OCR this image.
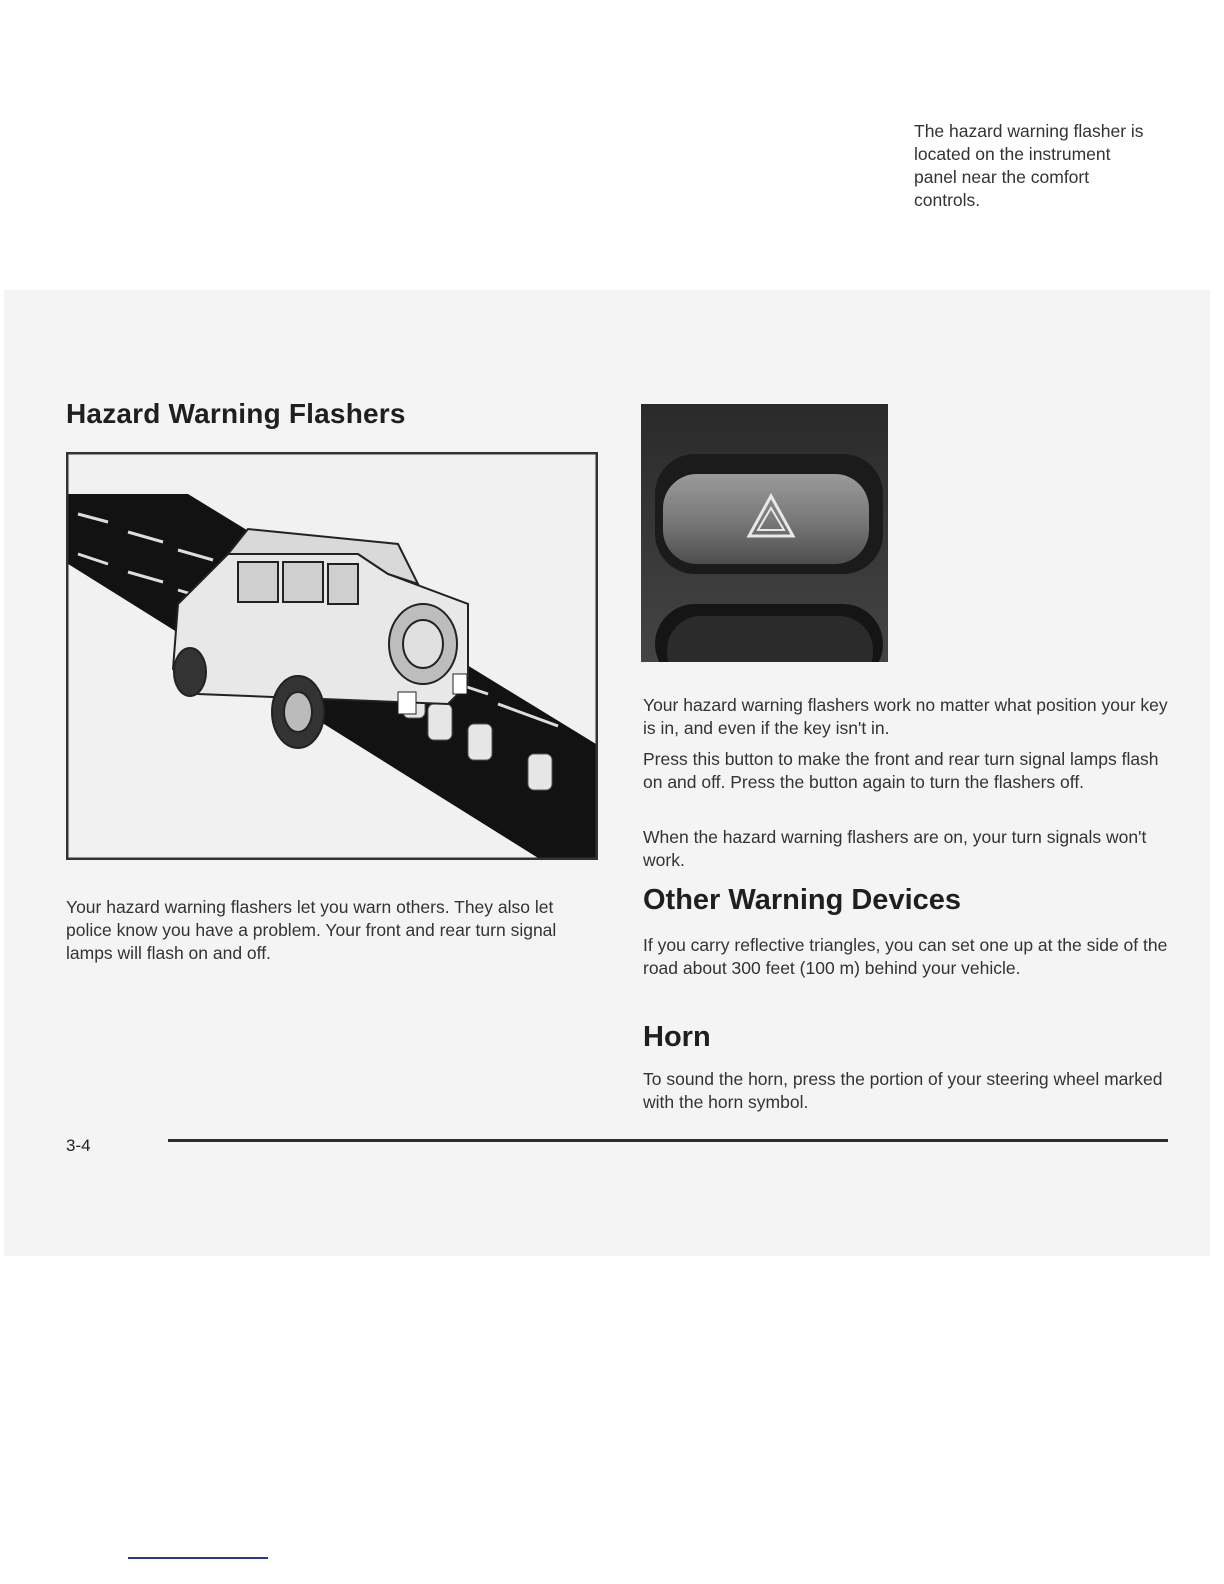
Hazard Warning Flashers

Your hazard warning flashers let you warn others. They also let police know you have a problem. Your front and rear turn signal lamps will flash on and off.

The hazard warning flasher is located on the instrument panel near the comfort controls.

Your hazard warning flashers work no matter what position your key is in, and even if the key isn't in.

Press this button to make the front and rear turn signal lamps flash on and off. Press the button again to turn the flashers off.

When the hazard warning flashers are on, your turn signals won't work.

Other Warning Devices

If you carry reflective triangles, you can set one up at the side of the road about 300 feet (100 m) behind your vehicle.

Horn

To sound the horn, press the portion of your steering wheel marked with the horn symbol.

3-4
